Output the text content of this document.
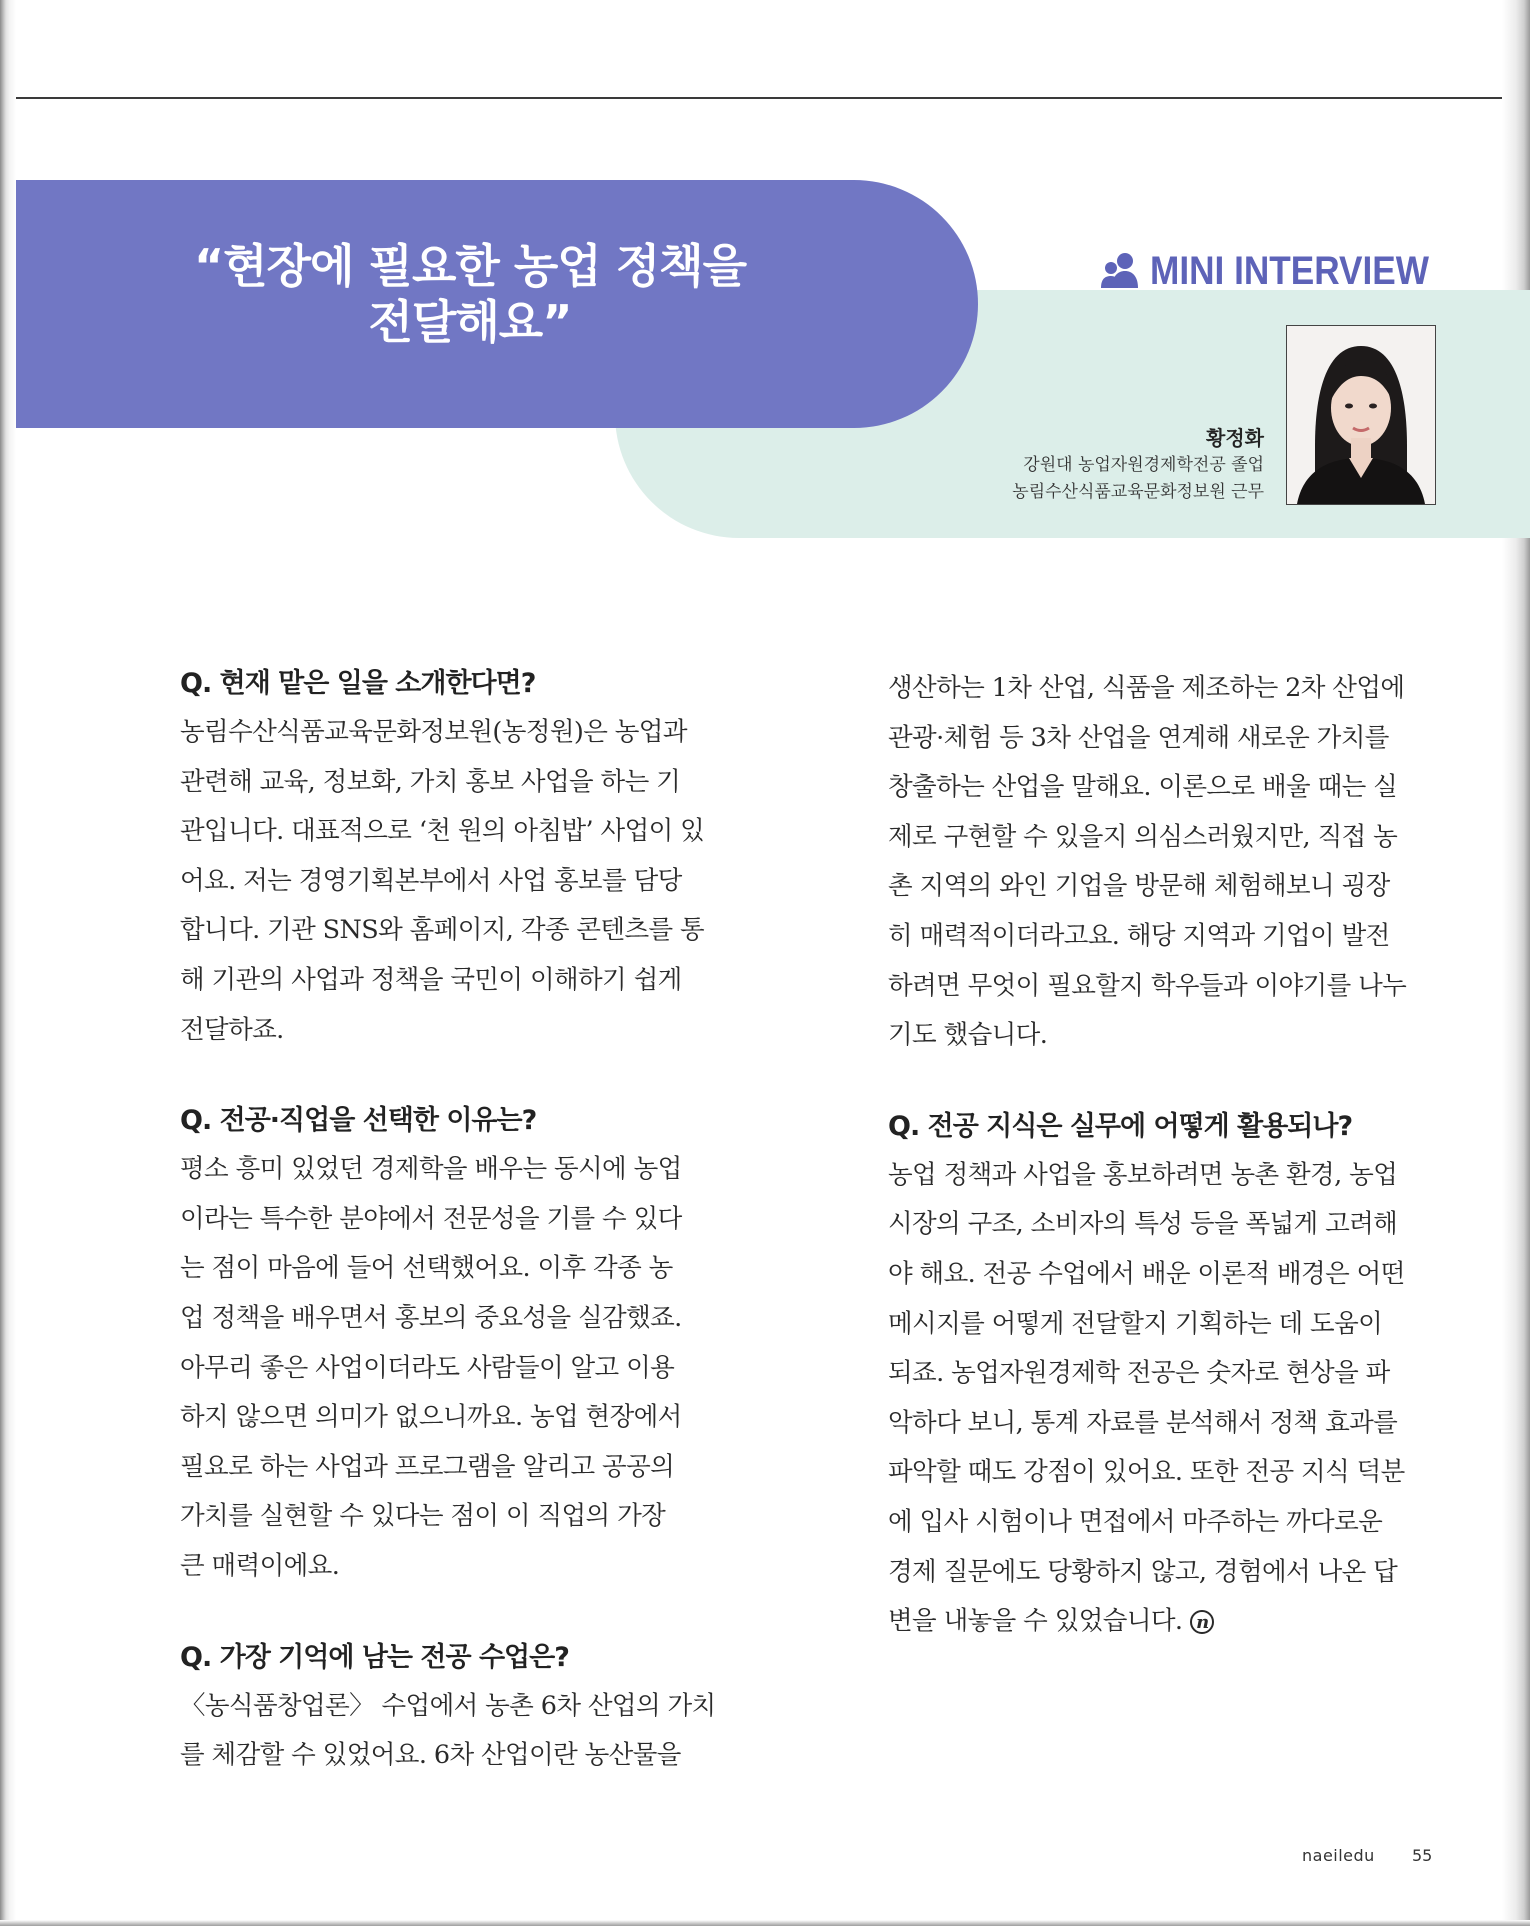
“현장에 필요한 농업 정책을
전달해요”
MINI INTERVIEW
황정화
강원대 농업자원경제학전공 졸업
농림수산식품교육문화정보원 근무

Q. 현재 맡은 일을 소개한다면?

농림수산식품교육문화정보원(농정원)은 농업과

관련해 교육, 정보화, 가치 홍보 사업을 하는 기

관입니다. 대표적으로 ‘천 원의 아침밥’ 사업이 있

어요. 저는 경영기획본부에서 사업 홍보를 담당

합니다. 기관 SNS와 홈페이지, 각종 콘텐츠를 통

해 기관의 사업과 정책을 국민이 이해하기 쉽게

전달하죠.

Q. 전공·직업을 선택한 이유는?

평소 흥미 있었던 경제학을 배우는 동시에 농업

이라는 특수한 분야에서 전문성을 기를 수 있다

는 점이 마음에 들어 선택했어요. 이후 각종 농

업 정책을 배우면서 홍보의 중요성을 실감했죠.

아무리 좋은 사업이더라도 사람들이 알고 이용

하지 않으면 의미가 없으니까요. 농업 현장에서

필요로 하는 사업과 프로그램을 알리고 공공의

가치를 실현할 수 있다는 점이 이 직업의 가장

큰 매력이에요.

Q. 가장 기억에 남는 전공 수업은?

〈농식품창업론〉 수업에서 농촌 6차 산업의 가치

를 체감할 수 있었어요. 6차 산업이란 농산물을

생산하는 1차 산업, 식품을 제조하는 2차 산업에

관광·체험 등 3차 산업을 연계해 새로운 가치를

창출하는 산업을 말해요. 이론으로 배울 때는 실

제로 구현할 수 있을지 의심스러웠지만, 직접 농

촌 지역의 와인 기업을 방문해 체험해보니 굉장

히 매력적이더라고요. 해당 지역과 기업이 발전

하려면 무엇이 필요할지 학우들과 이야기를 나누

기도 했습니다.

Q. 전공 지식은 실무에 어떻게 활용되나?

농업 정책과 사업을 홍보하려면 농촌 환경, 농업

시장의 구조, 소비자의 특성 등을 폭넓게 고려해

야 해요. 전공 수업에서 배운 이론적 배경은 어떤

메시지를 어떻게 전달할지 기획하는 데 도움이

되죠. 농업자원경제학 전공은 숫자로 현상을 파

악하다 보니, 통계 자료를 분석해서 정책 효과를

파악할 때도 강점이 있어요. 또한 전공 지식 덕분

에 입사 시험이나 면접에서 마주하는 까다로운

경제 질문에도 당황하지 않고, 경험에서 나온 답

변을 내놓을 수 있었습니다. n

naeiledu 55
